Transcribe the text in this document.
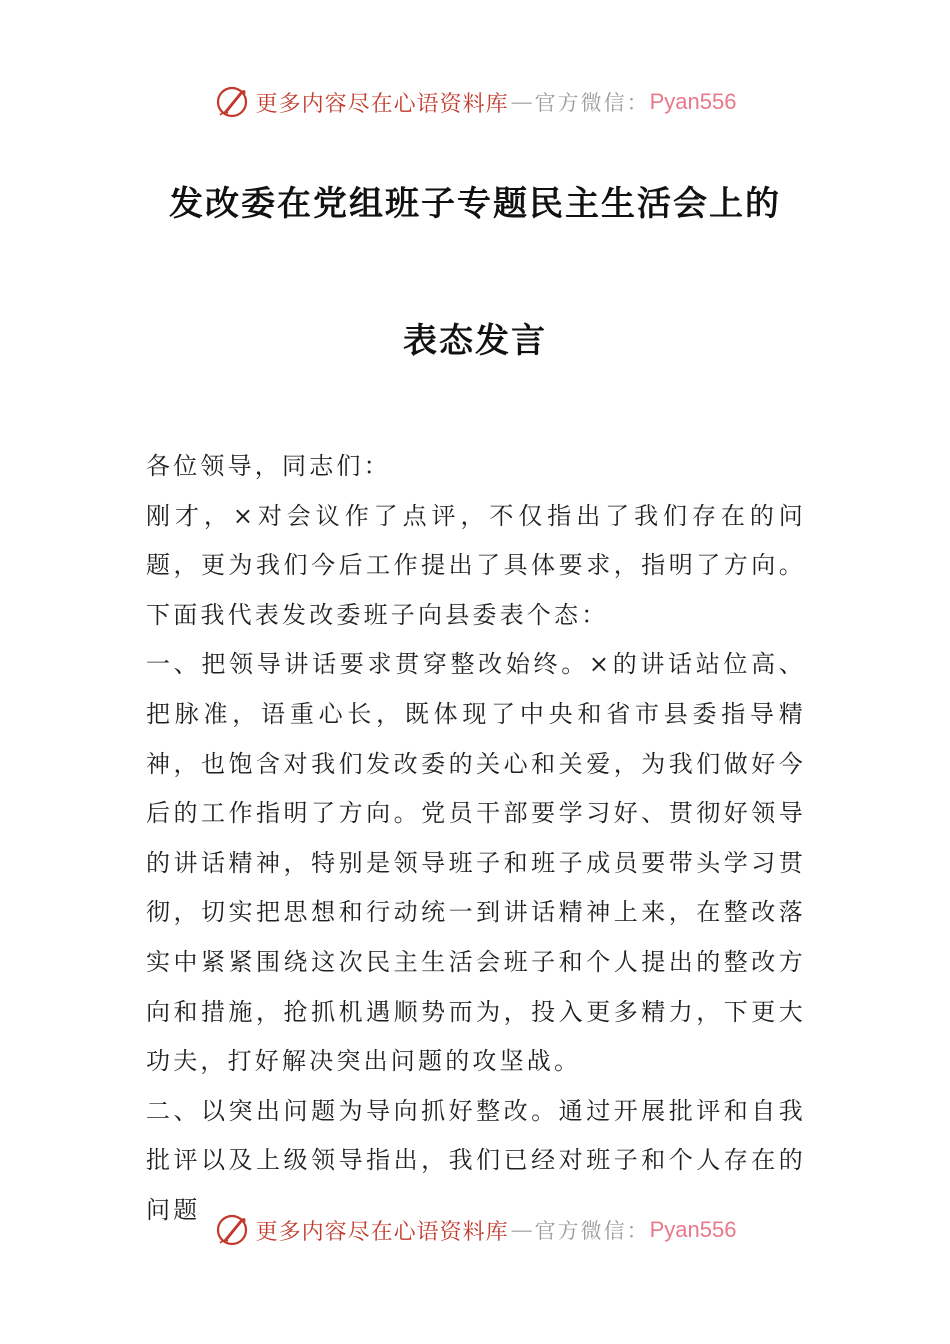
更多内容尽在心语资料库 — 官方微信： Pyan556
发改委在党组班子专题民主生活会上的
表态发言

各位领导，同志们：

刚才，×对会议作了点评，不仅指出了我们存在的问题，更为我们今后工作提出了具体要求，指明了方向。下面我代表发改委班子向县委表个态：

一、把领导讲话要求贯穿整改始终。×的讲话站位高、把脉准，语重心长，既体现了中央和省市县委指导精神，也饱含对我们发改委的关心和关爱，为我们做好今后的工作指明了方向。党员干部要学习好、贯彻好领导的讲话精神，特别是领导班子和班子成员要带头学习贯彻，切实把思想和行动统一到讲话精神上来，在整改落实中紧紧围绕这次民主生活会班子和个人提出的整改方向和措施，抢抓机遇顺势而为，投入更多精力，下更大功夫，打好解决突出问题的攻坚战。

二、以突出问题为导向抓好整改。通过开展批评和自我批评以及上级领导指出，我们已经对班子和个人存在的问题

更多内容尽在心语资料库 — 官方微信： Pyan556
